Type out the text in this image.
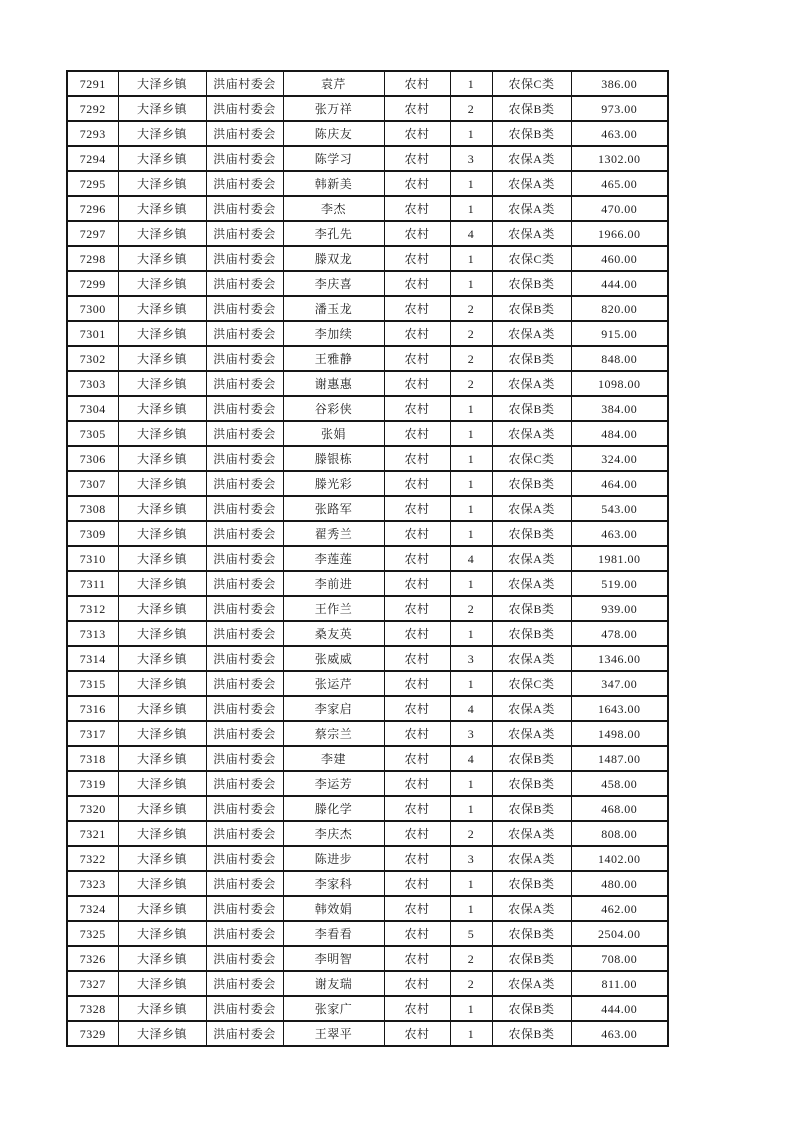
7291	大泽乡镇	洪庙村委会	袁芹	农村	1	农保C类	386.00
7292	大泽乡镇	洪庙村委会	张万祥	农村	2	农保B类	973.00
7293	大泽乡镇	洪庙村委会	陈庆友	农村	1	农保B类	463.00
7294	大泽乡镇	洪庙村委会	陈学习	农村	3	农保A类	1302.00
7295	大泽乡镇	洪庙村委会	韩新美	农村	1	农保A类	465.00
7296	大泽乡镇	洪庙村委会	李杰	农村	1	农保A类	470.00
7297	大泽乡镇	洪庙村委会	李孔先	农村	4	农保A类	1966.00
7298	大泽乡镇	洪庙村委会	滕双龙	农村	1	农保C类	460.00
7299	大泽乡镇	洪庙村委会	李庆喜	农村	1	农保B类	444.00
7300	大泽乡镇	洪庙村委会	潘玉龙	农村	2	农保B类	820.00
7301	大泽乡镇	洪庙村委会	李加续	农村	2	农保A类	915.00
7302	大泽乡镇	洪庙村委会	王雅静	农村	2	农保B类	848.00
7303	大泽乡镇	洪庙村委会	谢惠惠	农村	2	农保A类	1098.00
7304	大泽乡镇	洪庙村委会	谷彩侠	农村	1	农保B类	384.00
7305	大泽乡镇	洪庙村委会	张娟	农村	1	农保A类	484.00
7306	大泽乡镇	洪庙村委会	滕银栋	农村	1	农保C类	324.00
7307	大泽乡镇	洪庙村委会	滕光彩	农村	1	农保B类	464.00
7308	大泽乡镇	洪庙村委会	张路军	农村	1	农保A类	543.00
7309	大泽乡镇	洪庙村委会	翟秀兰	农村	1	农保B类	463.00
7310	大泽乡镇	洪庙村委会	李莲莲	农村	4	农保A类	1981.00
7311	大泽乡镇	洪庙村委会	李前进	农村	1	农保A类	519.00
7312	大泽乡镇	洪庙村委会	王作兰	农村	2	农保B类	939.00
7313	大泽乡镇	洪庙村委会	桑友英	农村	1	农保B类	478.00
7314	大泽乡镇	洪庙村委会	张威威	农村	3	农保A类	1346.00
7315	大泽乡镇	洪庙村委会	张运芹	农村	1	农保C类	347.00
7316	大泽乡镇	洪庙村委会	李家启	农村	4	农保A类	1643.00
7317	大泽乡镇	洪庙村委会	蔡宗兰	农村	3	农保A类	1498.00
7318	大泽乡镇	洪庙村委会	李建	农村	4	农保B类	1487.00
7319	大泽乡镇	洪庙村委会	李运芳	农村	1	农保B类	458.00
7320	大泽乡镇	洪庙村委会	滕化学	农村	1	农保B类	468.00
7321	大泽乡镇	洪庙村委会	李庆杰	农村	2	农保A类	808.00
7322	大泽乡镇	洪庙村委会	陈进步	农村	3	农保A类	1402.00
7323	大泽乡镇	洪庙村委会	李家科	农村	1	农保B类	480.00
7324	大泽乡镇	洪庙村委会	韩效娟	农村	1	农保A类	462.00
7325	大泽乡镇	洪庙村委会	李看看	农村	5	农保B类	2504.00
7326	大泽乡镇	洪庙村委会	李明智	农村	2	农保B类	708.00
7327	大泽乡镇	洪庙村委会	谢友瑞	农村	2	农保A类	811.00
7328	大泽乡镇	洪庙村委会	张家广	农村	1	农保B类	444.00
7329	大泽乡镇	洪庙村委会	王翠平	农村	1	农保B类	463.00
